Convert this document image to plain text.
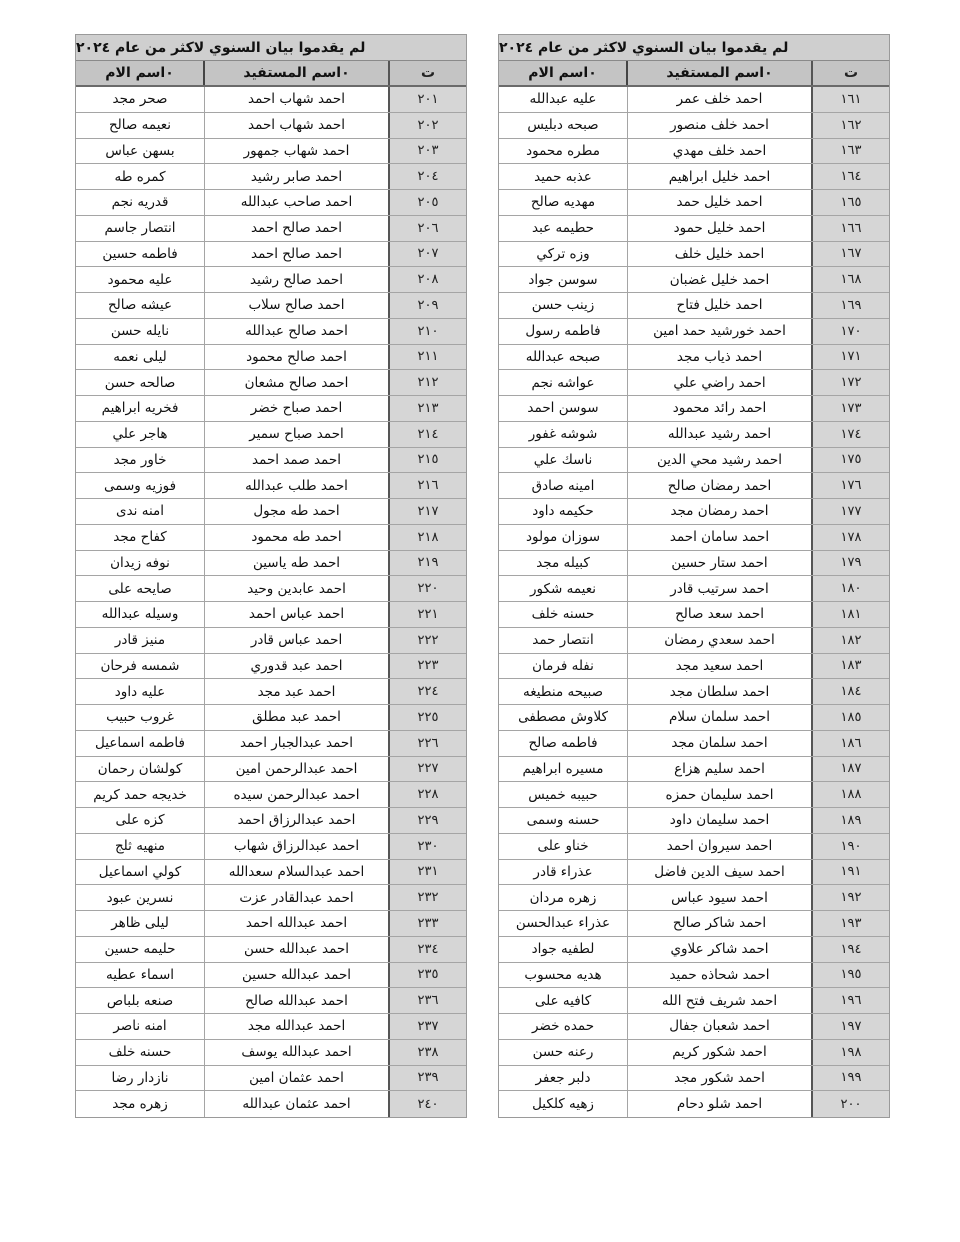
لم يقدموا بيان السنوي لاكثر من عام ٢٠٢٤
٠اسم الام	٠اسم المستفيد	ت
عليه عبدالله	احمد خلف عمر	١٦١
صبحه دبليس	احمد خلف منصور	١٦٢
مطره محمود	احمد خلف مهدي	١٦٣
عذبه حميد	احمد خليل ابراهيم	١٦٤
مهديه صالح	احمد خليل حمد	١٦٥
حطيمه عبد	احمد خليل حمود	١٦٦
وزه تركي	احمد خليل خلف	١٦٧
سوسن جواد	احمد خليل غضبان	١٦٨
زينب حسن	احمد خليل فتاح	١٦٩
فاطمه رسول	احمد خورشيد حمد امين	١٧٠
صبحه عبدالله	احمد ذياب مجد	١٧١
عواشه نجم	احمد راضي علي	١٧٢
سوسن احمد	احمد رائد محمود	١٧٣
شوشه غفور	احمد رشيد عبدالله	١٧٤
ناسك علي	احمد رشيد محي الدين	١٧٥
امينه صادق	احمد رمضان صالح	١٧٦
حكيمه داود	احمد رمضان مجد	١٧٧
سوزان مولود	احمد سامان احمد	١٧٨
كبيله مجد	احمد ستار حسين	١٧٩
نعيمه شكور	احمد سرتيب قادر	١٨٠
حسنه خلف	احمد سعد صالح	١٨١
انتصار حمد	احمد سعدي رمضان	١٨٢
نفله فرمان	احمد سعيد مجد	١٨٣
صبيحه منطيغه	احمد سلطان مجد	١٨٤
كلاوش مصطفى	احمد سلمان سلام	١٨٥
فاطمه صالح	احمد سلمان مجد	١٨٦
مسيره ابراهيم	احمد سليم هزاع	١٨٧
حبيبه خميس	احمد سليمان حمزه	١٨٨
حسنه وسمى	احمد سليمان داود	١٨٩
خناو على	احمد سيروان احمد	١٩٠
عذراء قادر	احمد سيف الدين فاضل	١٩١
زهره مردان	احمد سيود عباس	١٩٢
عذراء عبدالحسن	احمد شاكر صالح	١٩٣
لطفيه جواد	احمد شاكر علاوي	١٩٤
هديه محسوب	احمد شحاذه حميد	١٩٥
كافيه على	احمد شريف فتح الله	١٩٦
حمده خضر	احمد شعبان جفال	١٩٧
رعنه حسن	احمد شكور كريم	١٩٨
دلبر جعفر	احمد شكور مجد	١٩٩
زهيه كلكيل	احمد شلو دحام	٢٠٠
لم يقدموا بيان السنوي لاكثر من عام ٢٠٢٤
٠اسم الام	٠اسم المستفيد	ت
صحر مجد	احمد شهاب احمد	٢٠١
نعيمه صالح	احمد شهاب احمد	٢٠٢
بسهن عباس	احمد شهاب جمهور	٢٠٣
كمره طه	احمد صابر رشيد	٢٠٤
قدريه نجم	احمد صاحب عبدالله	٢٠٥
انتصار جاسم	احمد صالح احمد	٢٠٦
فاطمه حسين	احمد صالح احمد	٢٠٧
عليه محمود	احمد صالح رشيد	٢٠٨
عيشه صالح	احمد صالح سلاب	٢٠٩
نايله حسن	احمد صالح عبدالله	٢١٠
ليلى نعمه	احمد صالح محمود	٢١١
صالحه حسن	احمد صالح مشعان	٢١٢
فخريه ابراهيم	احمد صباح خضر	٢١٣
هاجر علي	احمد صباح سمير	٢١٤
خاور مجد	احمد صمد احمد	٢١٥
فوزيه وسمى	احمد طلب عبدالله	٢١٦
امنه ندى	احمد طه مجول	٢١٧
كفاح مجد	احمد طه محمود	٢١٨
نوفه زيدان	احمد طه ياسين	٢١٩
صايحه على	احمد عابدين وحيد	٢٢٠
وسيله عبدالله	احمد عباس احمد	٢٢١
منيز قادر	احمد عباس قادر	٢٢٢
شمسه فرحان	احمد عبد قدوري	٢٢٣
عليه داود	احمد عبد مجد	٢٢٤
غروب حبيب	احمد عبد مطلق	٢٢٥
فاطمه اسماعيل	احمد عبدالجبار احمد	٢٢٦
كولشان رحمان	احمد عبدالرحمن امين	٢٢٧
خديجه حمد كريم	احمد عبدالرحمن سيده	٢٢٨
كزه على	احمد عبدالرزاق احمد	٢٢٩
منهيه ثلج	احمد عبدالرزاق شهاب	٢٣٠
كولي اسماعيل	احمد عبدالسلام سعدالله	٢٣١
نسرين عبود	احمد عبدالقادر عزت	٢٣٢
ليلى ظاهر	احمد عبدالله احمد	٢٣٣
حليمه حسين	احمد عبدالله حسن	٢٣٤
اسماء عطيه	احمد عبدالله حسين	٢٣٥
صنعه بلباص	احمد عبدالله صالح	٢٣٦
امنه ناصر	احمد عبدالله مجد	٢٣٧
حسنه خلف	احمد عبدالله يوسف	٢٣٨
نازدار رضا	احمد عثمان امين	٢٣٩
زهره مجد	احمد عثمان عبدالله	٢٤٠
